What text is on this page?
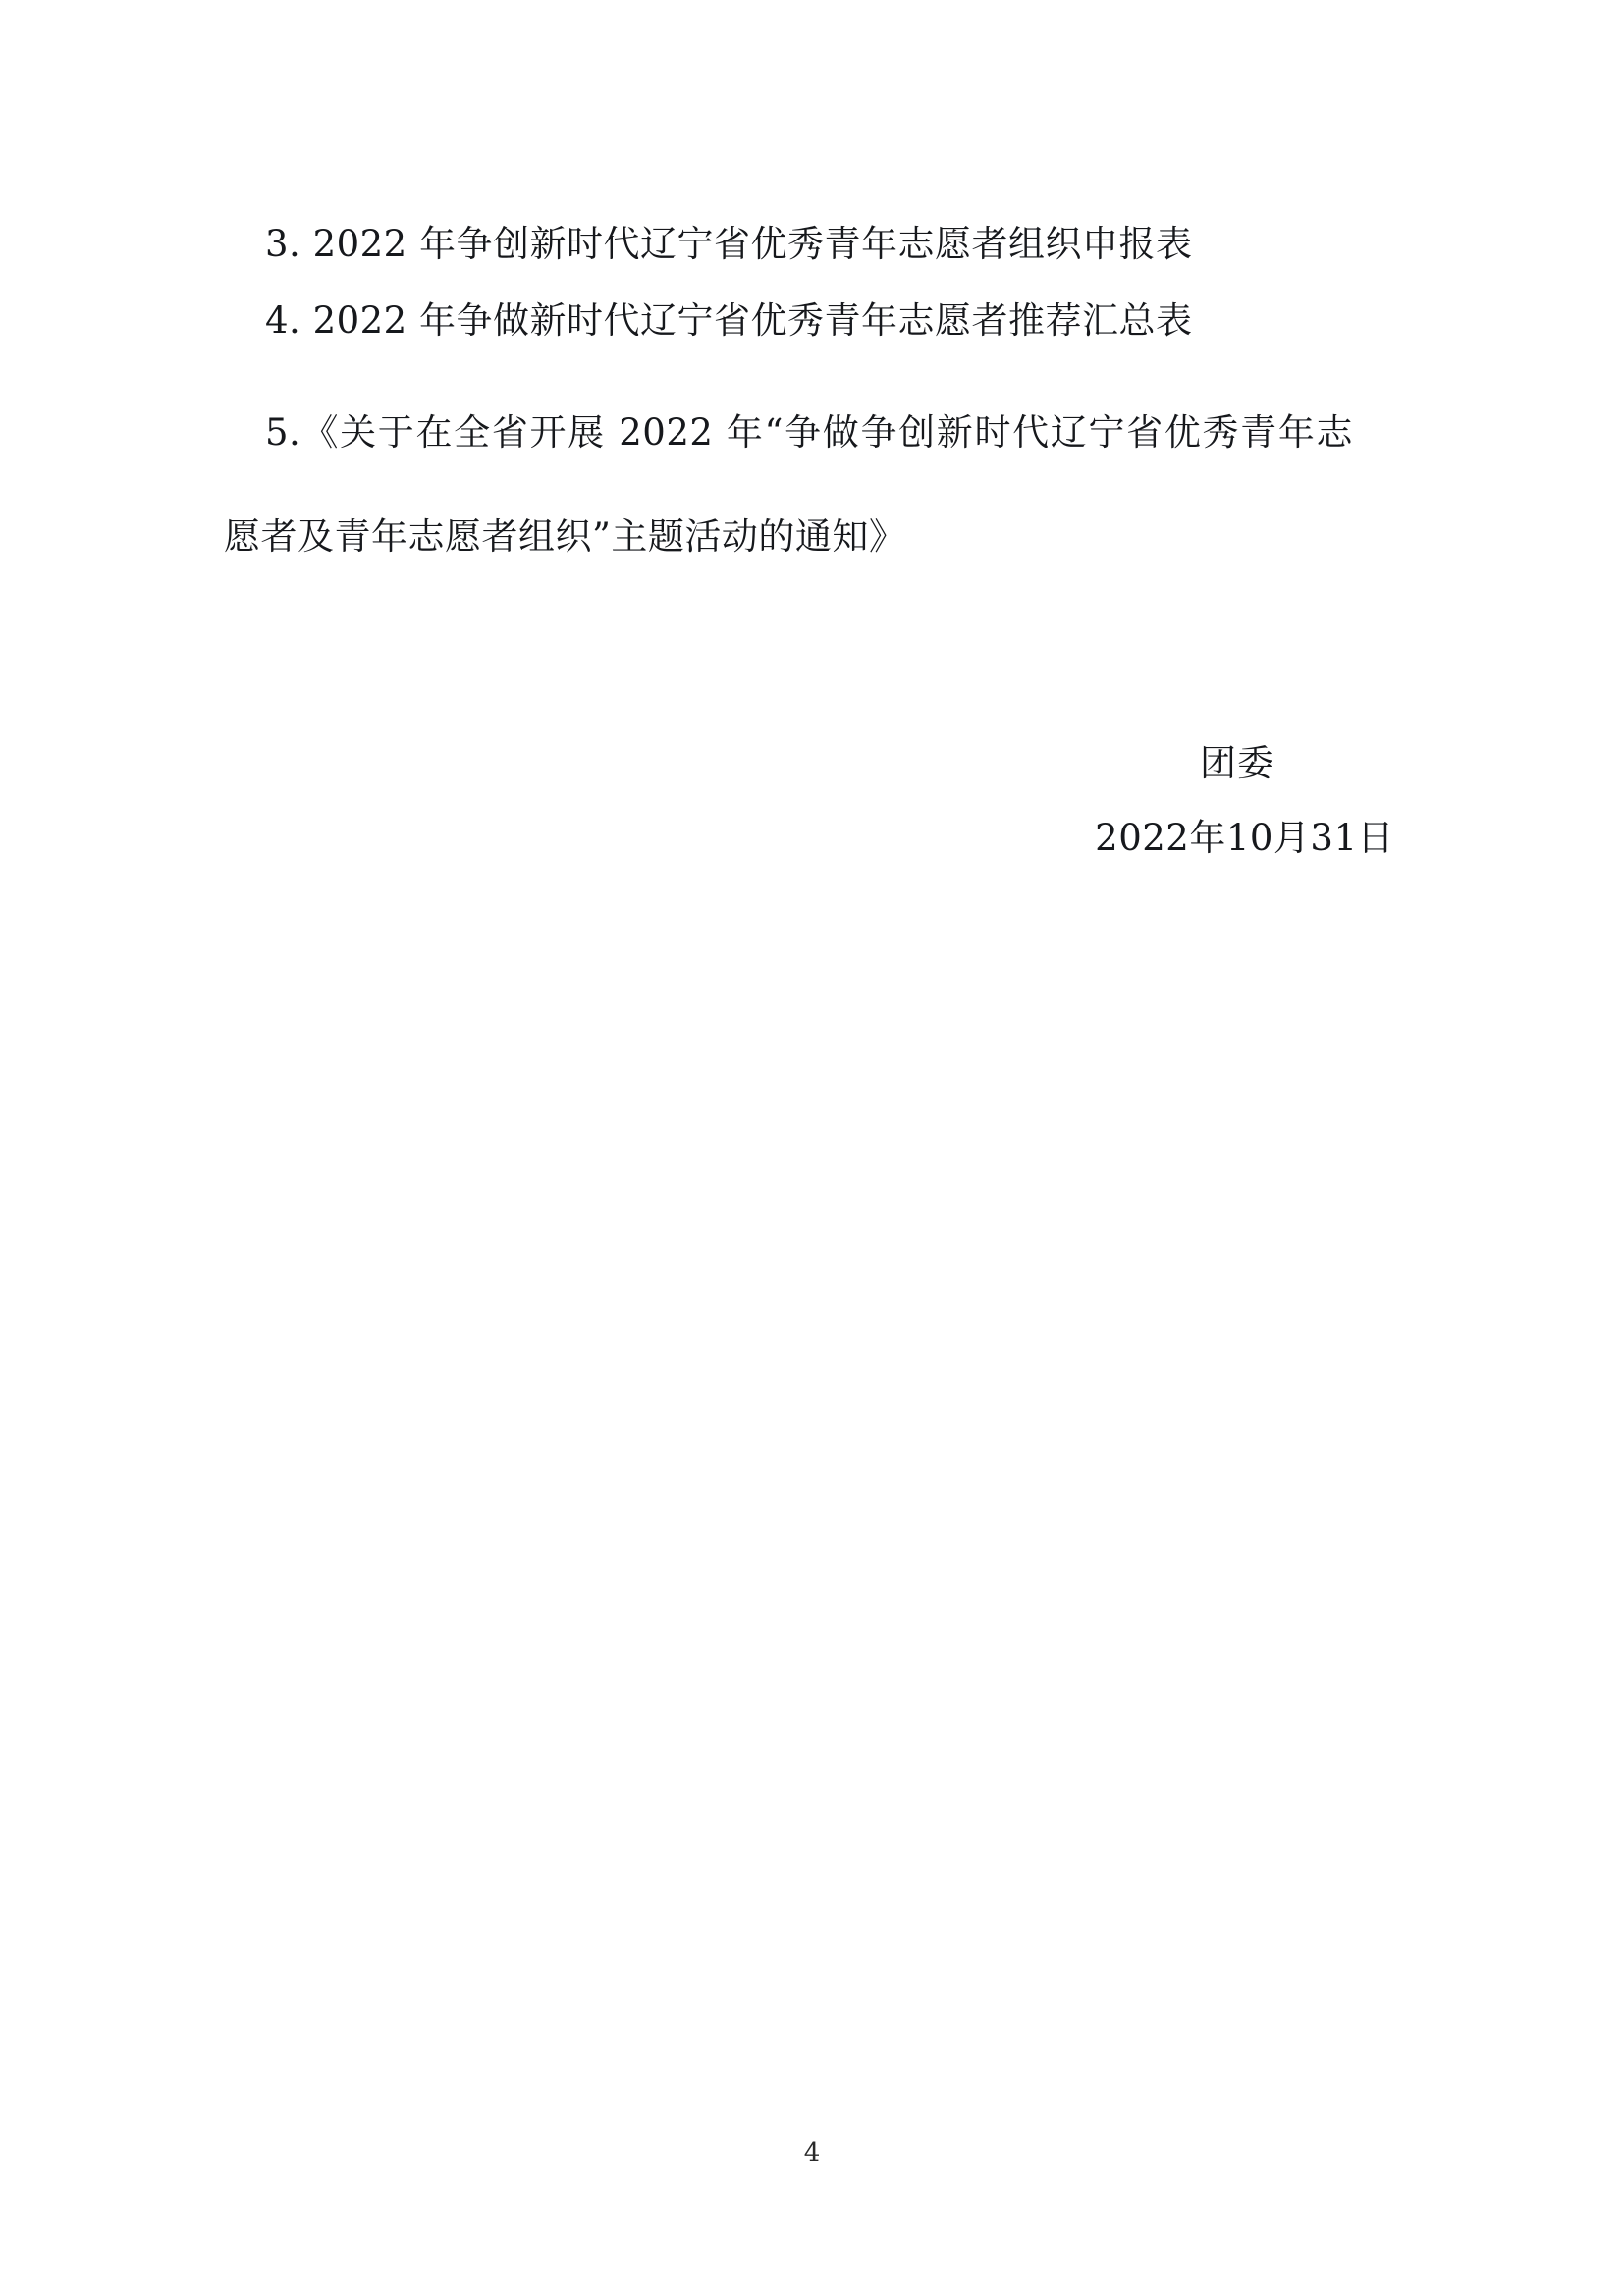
3. 2022 年争创新时代辽宁省优秀青年志愿者组织申报表
4. 2022 年争做新时代辽宁省优秀青年志愿者推荐汇总表

5.《关于在全省开展 2022 年“争做争创新时代辽宁省优秀青年志愿者及青年志愿者组织”主题活动的通知》

团委
2022年10月31日
4
